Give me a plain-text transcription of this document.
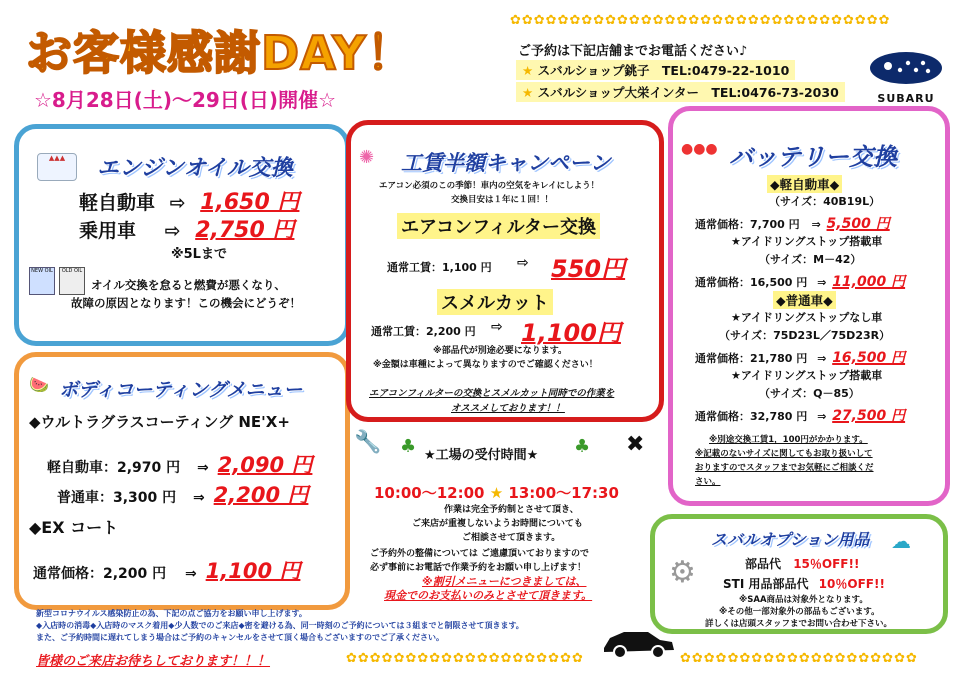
お客様感謝DAY！
☆8月28日(土)～29日(日)開催☆
✿✿✿✿✿✿✿✿✿✿✿✿✿✿✿✿✿✿✿✿✿✿✿✿✿✿✿✿✿✿✿✿
ご予約は下記店舗までお電話ください♪
★ スバルショップ銚子 TEL:0479-22-1010
★ スバルショップ大栄インター TEL:0476-73-2030	SUBARU
▲▲▲	エンジンオイル交換
軽自動車 ⇨ 1,650 円
乗用車 ⇨ 2,750 円
※5Lまで
NEW OIL	OLD OIL
オイル交換を怠ると燃費が悪くなり、
故障の原因となります！この機会にどうぞ！
🍉 ボディコーティングメニュー
◆ウルトラグラスコーティング NE'X+
軽自動車：2,970 円 ⇒ 2,090 円
普通車：3,300 円 ⇒ 2,200 円
◆EX コート
通常価格：2,200 円 ⇒ 1,100 円
✺ 工賃半額キャンペーン
エアコン必須のこの季節！車内の空気をキレイにしよう！
交換目安は１年に１回！！
エアコンフィルター交換
通常工賃：1,100 円 ⇨ 550円
スメルカット
通常工賃：2,200 円 ⇨ 1,100円
※部品代が別途必要になります。
※金額は車種によって異なりますのでご確認ください！
エアコンフィルターの交換とスメルカット同時での作業を
オススメしております！！
●●● バッテリー交換
◆軽自動車◆
（サイズ：40B19L）
通常価格：7,700 円 ⇒ 5,500 円
★アイドリングストップ搭載車
（サイズ：M－42）
通常価格：16,500 円 ⇒ 11,000 円
◆普通車◆
★アイドリングストップなし車
（サイズ：75D23L／75D23R）
通常価格：21,780 円 ⇒ 16,500 円
★アイドリングストップ搭載車
（サイズ：Q－85）
通常価格：32,780 円 ⇒ 27,500 円
※別途交換工賃1，100円がかかります。
※記載のないサイズに関してもお取り扱いして
おりますのでスタッフまでお気軽にご相談くだ
さい。
🔧 ♣ ★工場の受付時間★ ♣ ✖
10:00～12:00 ★ 13:00～17:30
作業は完全予約制とさせて頂き、
ご来店が重複しないようお時間についても
ご相談させて頂きます。
ご予約外の整備については ご遠慮頂いておりますので
必ず事前にお電話で作業予約をお願い申し上げます！
※割引メニューにつきましては、
現金でのお支払いのみとさせて頂きます。
スバルオプション用品 ☁
⚙	部品代 15％OFF!!
STI 用品部品代 10％OFF!!
※SAA商品は対象外となります。
※その他一部対象外の部品もございます。
詳しくは店頭スタッフまでお問い合わせ下さい。
新型コロナウイルス感染防止の為、下記の点ご協力をお願い申し上げます。
◆入店時の消毒◆入店時のマスク着用◆少人数でのご来店◆密を避ける為、同一時刻のご予約については３組までと制限させて頂きます。
また、ご予約時間に遅れてしまう場合はご予約のキャンセルをさせて頂く場合もございますのでご了承ください。
皆様のご来店お待ちしております！！！	✿✿✿✿✿✿✿✿✿✿✿✿✿✿✿✿✿✿✿✿	✿✿✿✿✿✿✿✿✿✿✿✿✿✿✿✿✿✿✿✿
